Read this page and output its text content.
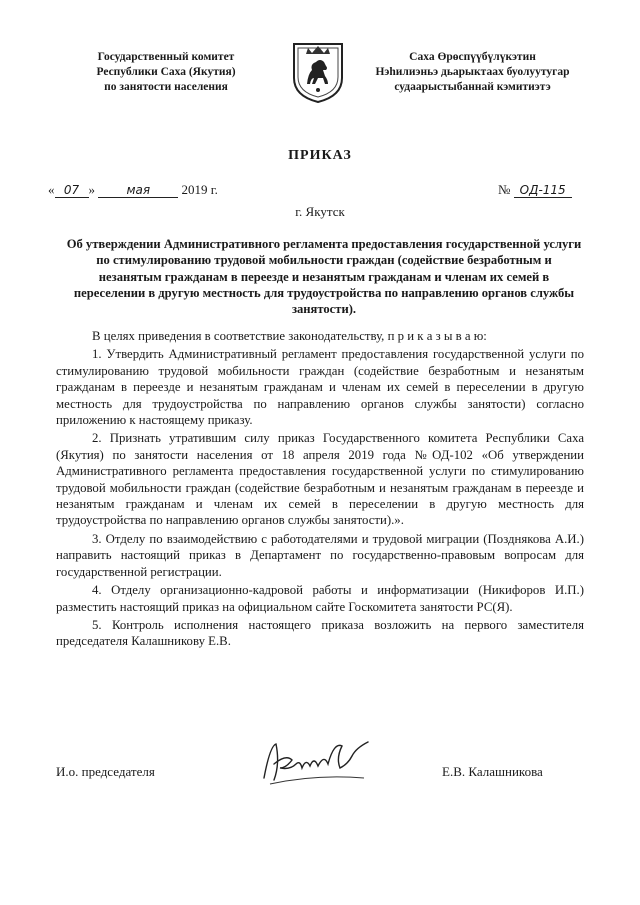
Государственный комитет
Республики Саха (Якутия)
по занятости населения
Саха Өрөспүүбүлүкэтин
Нэһилиэньэ дьарыктаах буолуутугар
судаарыстыбаннай кэмитиэтэ
ПРИКАЗ
« 07 »	мая 2019 г.	№ ОД-115
г. Якутск
Об утверждении Административного регламента предоставления государственной услуги по стимулированию трудовой мобильности граждан (содействие безработным и незанятым гражданам в переезде и незанятым гражданам и членам их семей в переселении в другую местность для трудоустройства по направлению органов службы занятости).

В целях приведения в соответствие законодательству, п р и к а з ы в а ю:

1. Утвердить Административный регламент предоставления государственной услуги по стимулированию трудовой мобильности граждан (содействие безработным и незанятым гражданам в переезде и незанятым гражданам и членам их семей в переселении в другую местность для трудоустройства по направлению органов службы занятости) согласно приложению к настоящему приказу.

2. Признать утратившим силу приказ Государственного комитета Республики Саха (Якутия) по занятости населения от 18 апреля 2019 года №ОД-102 «Об утверждении Административного регламента предоставления государственной услуги по стимулированию трудовой мобильности граждан (содействие безработным и незанятым гражданам в переезде и незанятым гражданам и членам их семей в переселении в другую местность для трудоустройства по направлению органов службы занятости).».

3. Отделу по взаимодействию с работодателями и трудовой миграции (Позднякова А.И.) направить настоящий приказ в Департамент по государственно-правовым вопросам для государственной регистрации.

4. Отделу организационно-кадровой работы и информатизации (Никифоров И.П.) разместить настоящий приказ на официальном сайте Госкомитета занятости РС(Я).

5. Контроль исполнения настоящего приказа возложить на первого заместителя председателя Калашникову Е.В.

И.о. председателя	Е.В. Калашникова
